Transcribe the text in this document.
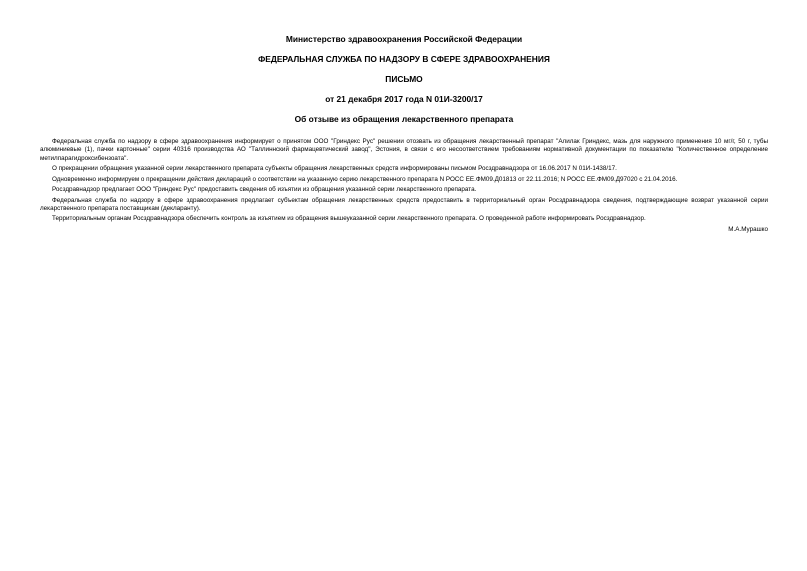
Министерство здравоохранения Российской Федерации
ФЕДЕРАЛЬНАЯ СЛУЖБА ПО НАДЗОРУ В СФЕРЕ ЗДРАВООХРАНЕНИЯ
ПИСЬМО
от 21 декабря 2017 года N 01И-3200/17
Об отзыве из обращения лекарственного препарата

Федеральная служба по надзору в сфере здравоохранения информирует о принятом ООО "Гриндекс Рус" решении отозвать из обращения лекарственный препарат "Алилак Гриндекс, мазь для наружного применения 10 мг/г, 50 г, тубы алюминиевые (1), пачки картонные" серии 40316 производства АО "Таллиннский фармацевтический завод", Эстония, в связи с его несоответствием требованиям нормативной документации по показателю "Количественное определение метилпарагидроксибензоата".

О прекращении обращения указанной серии лекарственного препарата субъекты обращения лекарственных средств информированы письмом Росздравнадзора от 16.06.2017 N 01И-1438/17.

Одновременно информируем о прекращении действия деклараций о соответствии на указанную серию лекарственного препарата N РОСС ЕЕ.ФМ09.Д01813 от 22.11.2016; N РОСС ЕЕ.ФМ09.Д97020 с 21.04.2016.

Росздравнадзор предлагает ООО "Гриндекс Рус" предоставить сведения об изъятии из обращения указанной серии лекарственного препарата.

Федеральная служба по надзору в сфере здравоохранения предлагает субъектам обращения лекарственных средств предоставить в территориальный орган Росздравнадзора сведения, подтверждающие возврат указанной серии лекарственного препарата поставщикам (декларанту).

Территориальным органам Росздравнадзора обеспечить контроль за изъятием из обращения вышеуказанной серии лекарственного препарата. О проведенной работе информировать Росздравнадзор.

М.А.Мурашко
